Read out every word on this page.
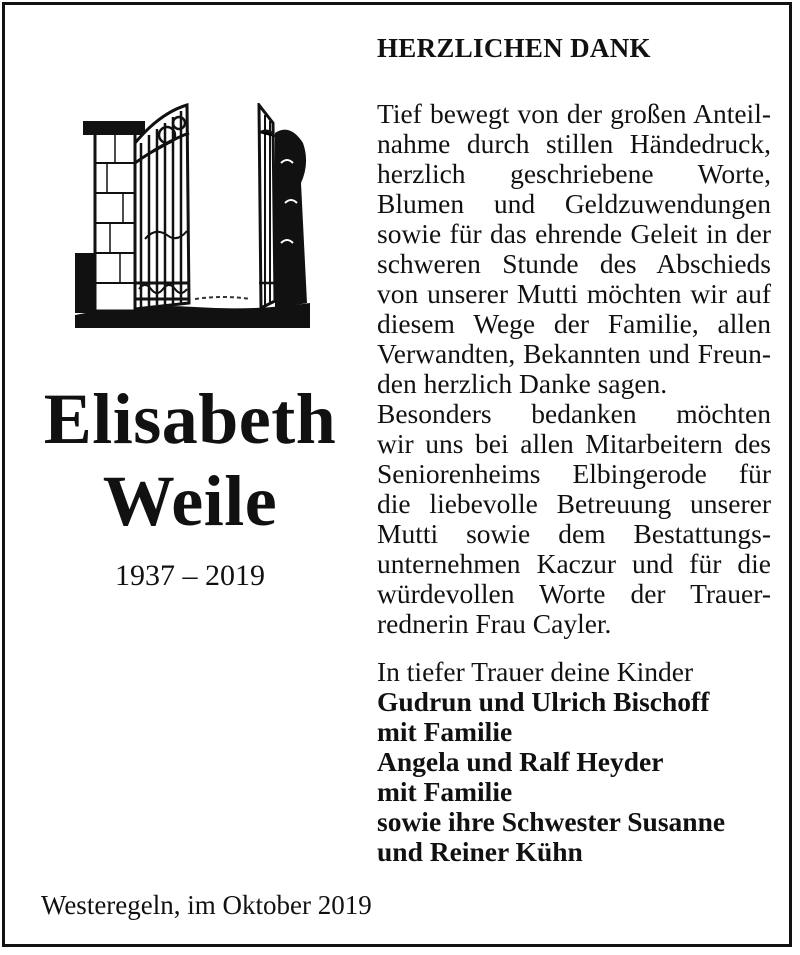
Elisabeth
Weile
1937 – 2019
HERZLICHEN DANK
Tief bewegt von der großen Anteil-
nahme durch stillen Händedruck,
herzlich geschriebene Worte,
Blumen und Geldzuwendungen
sowie für das ehrende Geleit in der
schweren Stunde des Abschieds
von unserer Mutti möchten wir auf
diesem Wege der Familie, allen
Verwandten, Bekannten und Freun-
den herzlich Danke sagen.
Besonders bedanken möchten
wir uns bei allen Mitarbeitern des
Seniorenheims Elbingerode für
die liebevolle Betreuung unserer
Mutti sowie dem Bestattungs-
unternehmen Kaczur und für die
würdevollen Worte der Trauer-
rednerin Frau Cayler.
In tiefer Trauer deine Kinder
Gudrun und Ulrich Bischoff
mit Familie
Angela und Ralf Heyder
mit Familie
sowie ihre Schwester Susanne
und Reiner Kühn
Westeregeln, im Oktober 2019
